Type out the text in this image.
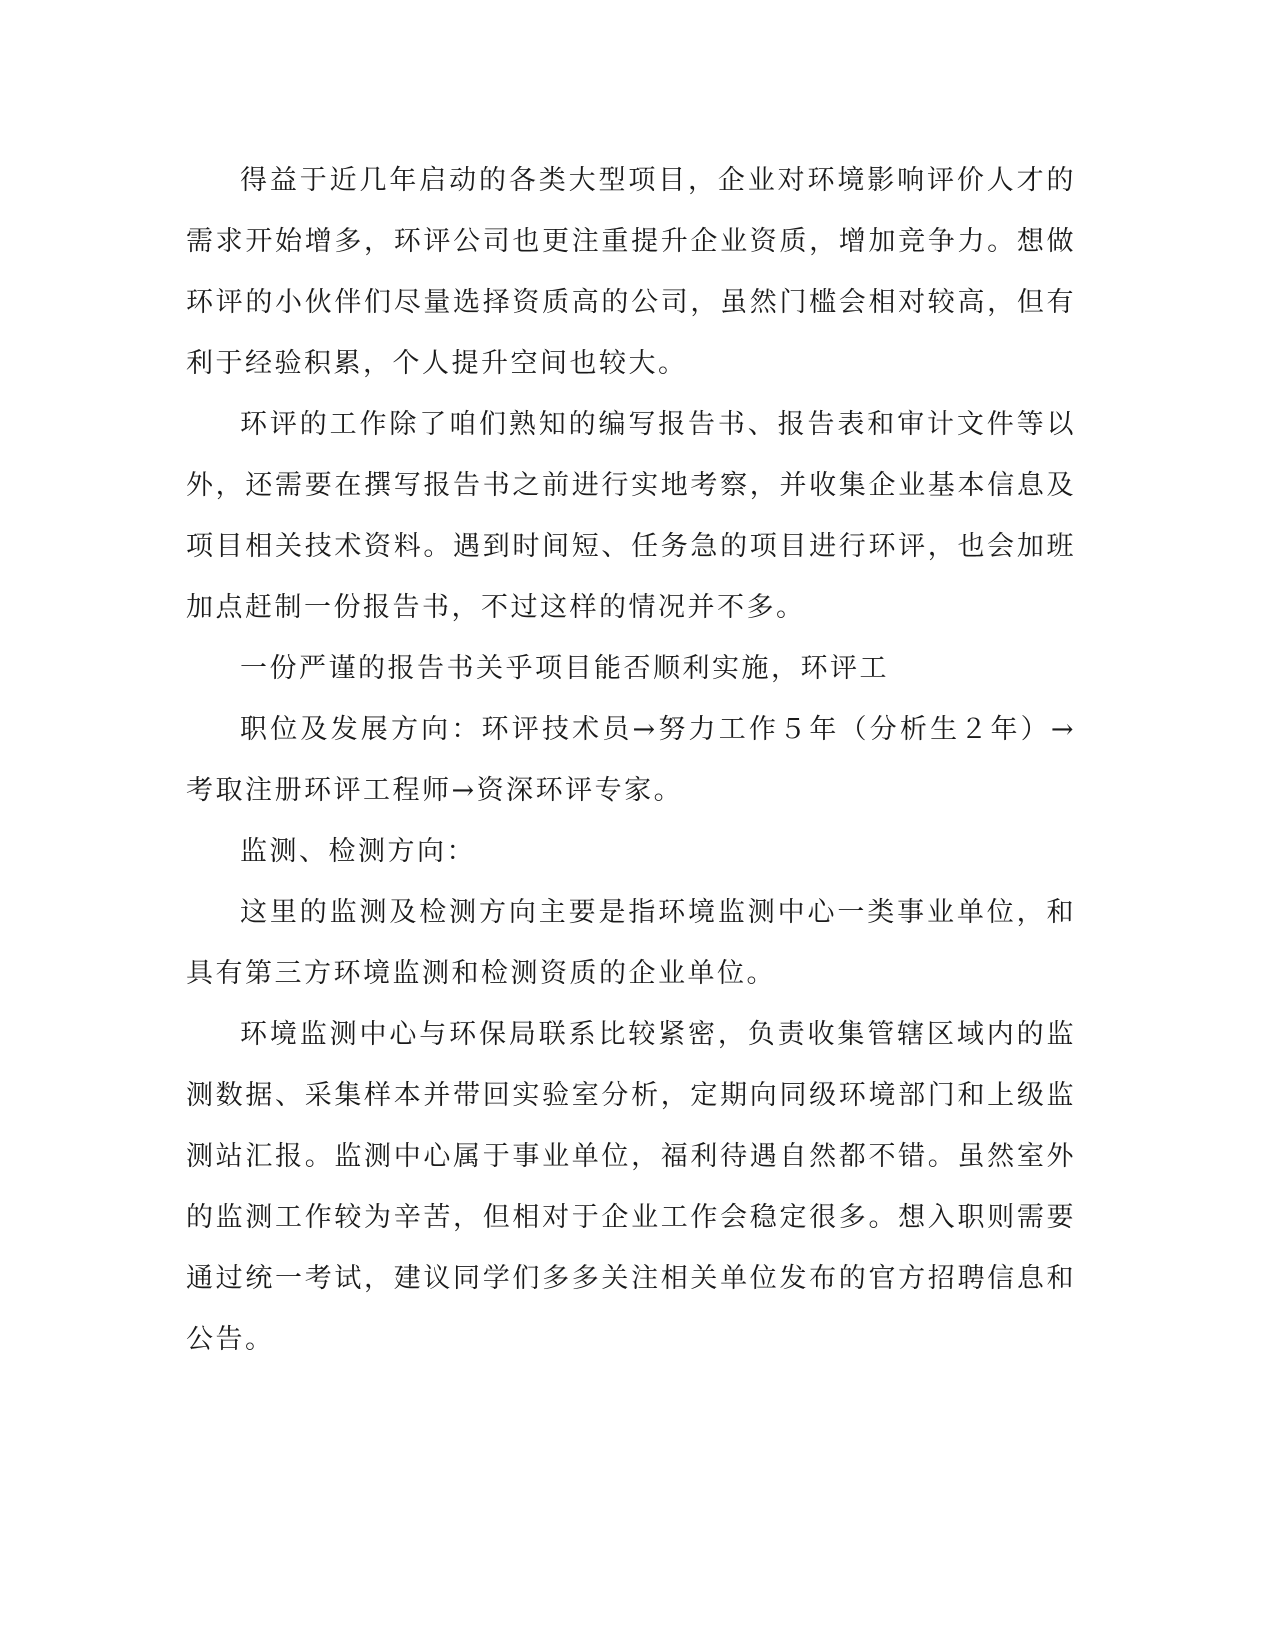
得益于近几年启动的各类大型项目，企业对环境影响评价人才的需求开始增多，环评公司也更注重提升企业资质，增加竞争力。想做环评的小伙伴们尽量选择资质高的公司，虽然门槛会相对较高，但有利于经验积累，个人提升空间也较大。

环评的工作除了咱们熟知的编写报告书、报告表和审计文件等以外，还需要在撰写报告书之前进行实地考察，并收集企业基本信息及项目相关技术资料。遇到时间短、任务急的项目进行环评，也会加班加点赶制一份报告书，不过这样的情况并不多。

一份严谨的报告书关乎项目能否顺利实施，环评工

职位及发展方向：环评技术员→努力工作５年（分析生２年）→考取注册环评工程师→资深环评专家。

监测、检测方向：

这里的监测及检测方向主要是指环境监测中心一类事业单位，和具有第三方环境监测和检测资质的企业单位。

环境监测中心与环保局联系比较紧密，负责收集管辖区域内的监测数据、采集样本并带回实验室分析，定期向同级环境部门和上级监测站汇报。监测中心属于事业单位，福利待遇自然都不错。虽然室外的监测工作较为辛苦，但相对于企业工作会稳定很多。想入职则需要通过统一考试，建议同学们多多关注相关单位发布的官方招聘信息和公告。
